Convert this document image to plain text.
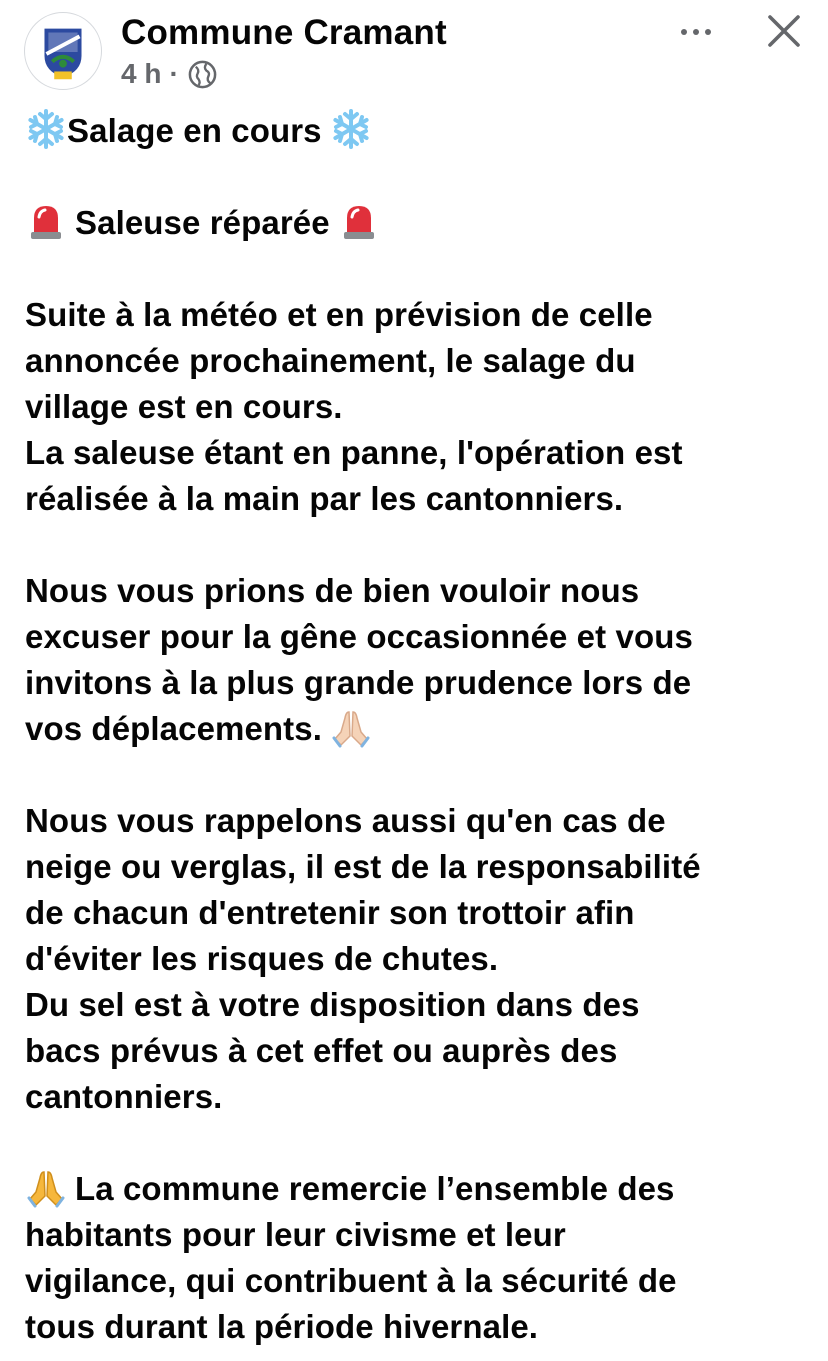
Commune Cramant
4 h ·

Salage en cours

Saleuse réparée

Suite à la météo et en prévision de celle
annoncée prochainement, le salage du
village est en cours.
La saleuse étant en panne, l'opération est
réalisée à la main par les cantonniers.

Nous vous prions de bien vouloir nous
excuser pour la gêne occasionnée et vous
invitons à la plus grande prudence lors de
vos déplacements.

Nous vous rappelons aussi qu'en cas de
neige ou verglas, il est de la responsabilité
de chacun d'entretenir son trottoir afin
d'éviter les risques de chutes.
Du sel est à votre disposition dans des
bacs prévus à cet effet ou auprès des
cantonniers.

La commune remercie l’ensemble des
habitants pour leur civisme et leur
vigilance, qui contribuent à la sécurité de
tous durant la période hivernale.
